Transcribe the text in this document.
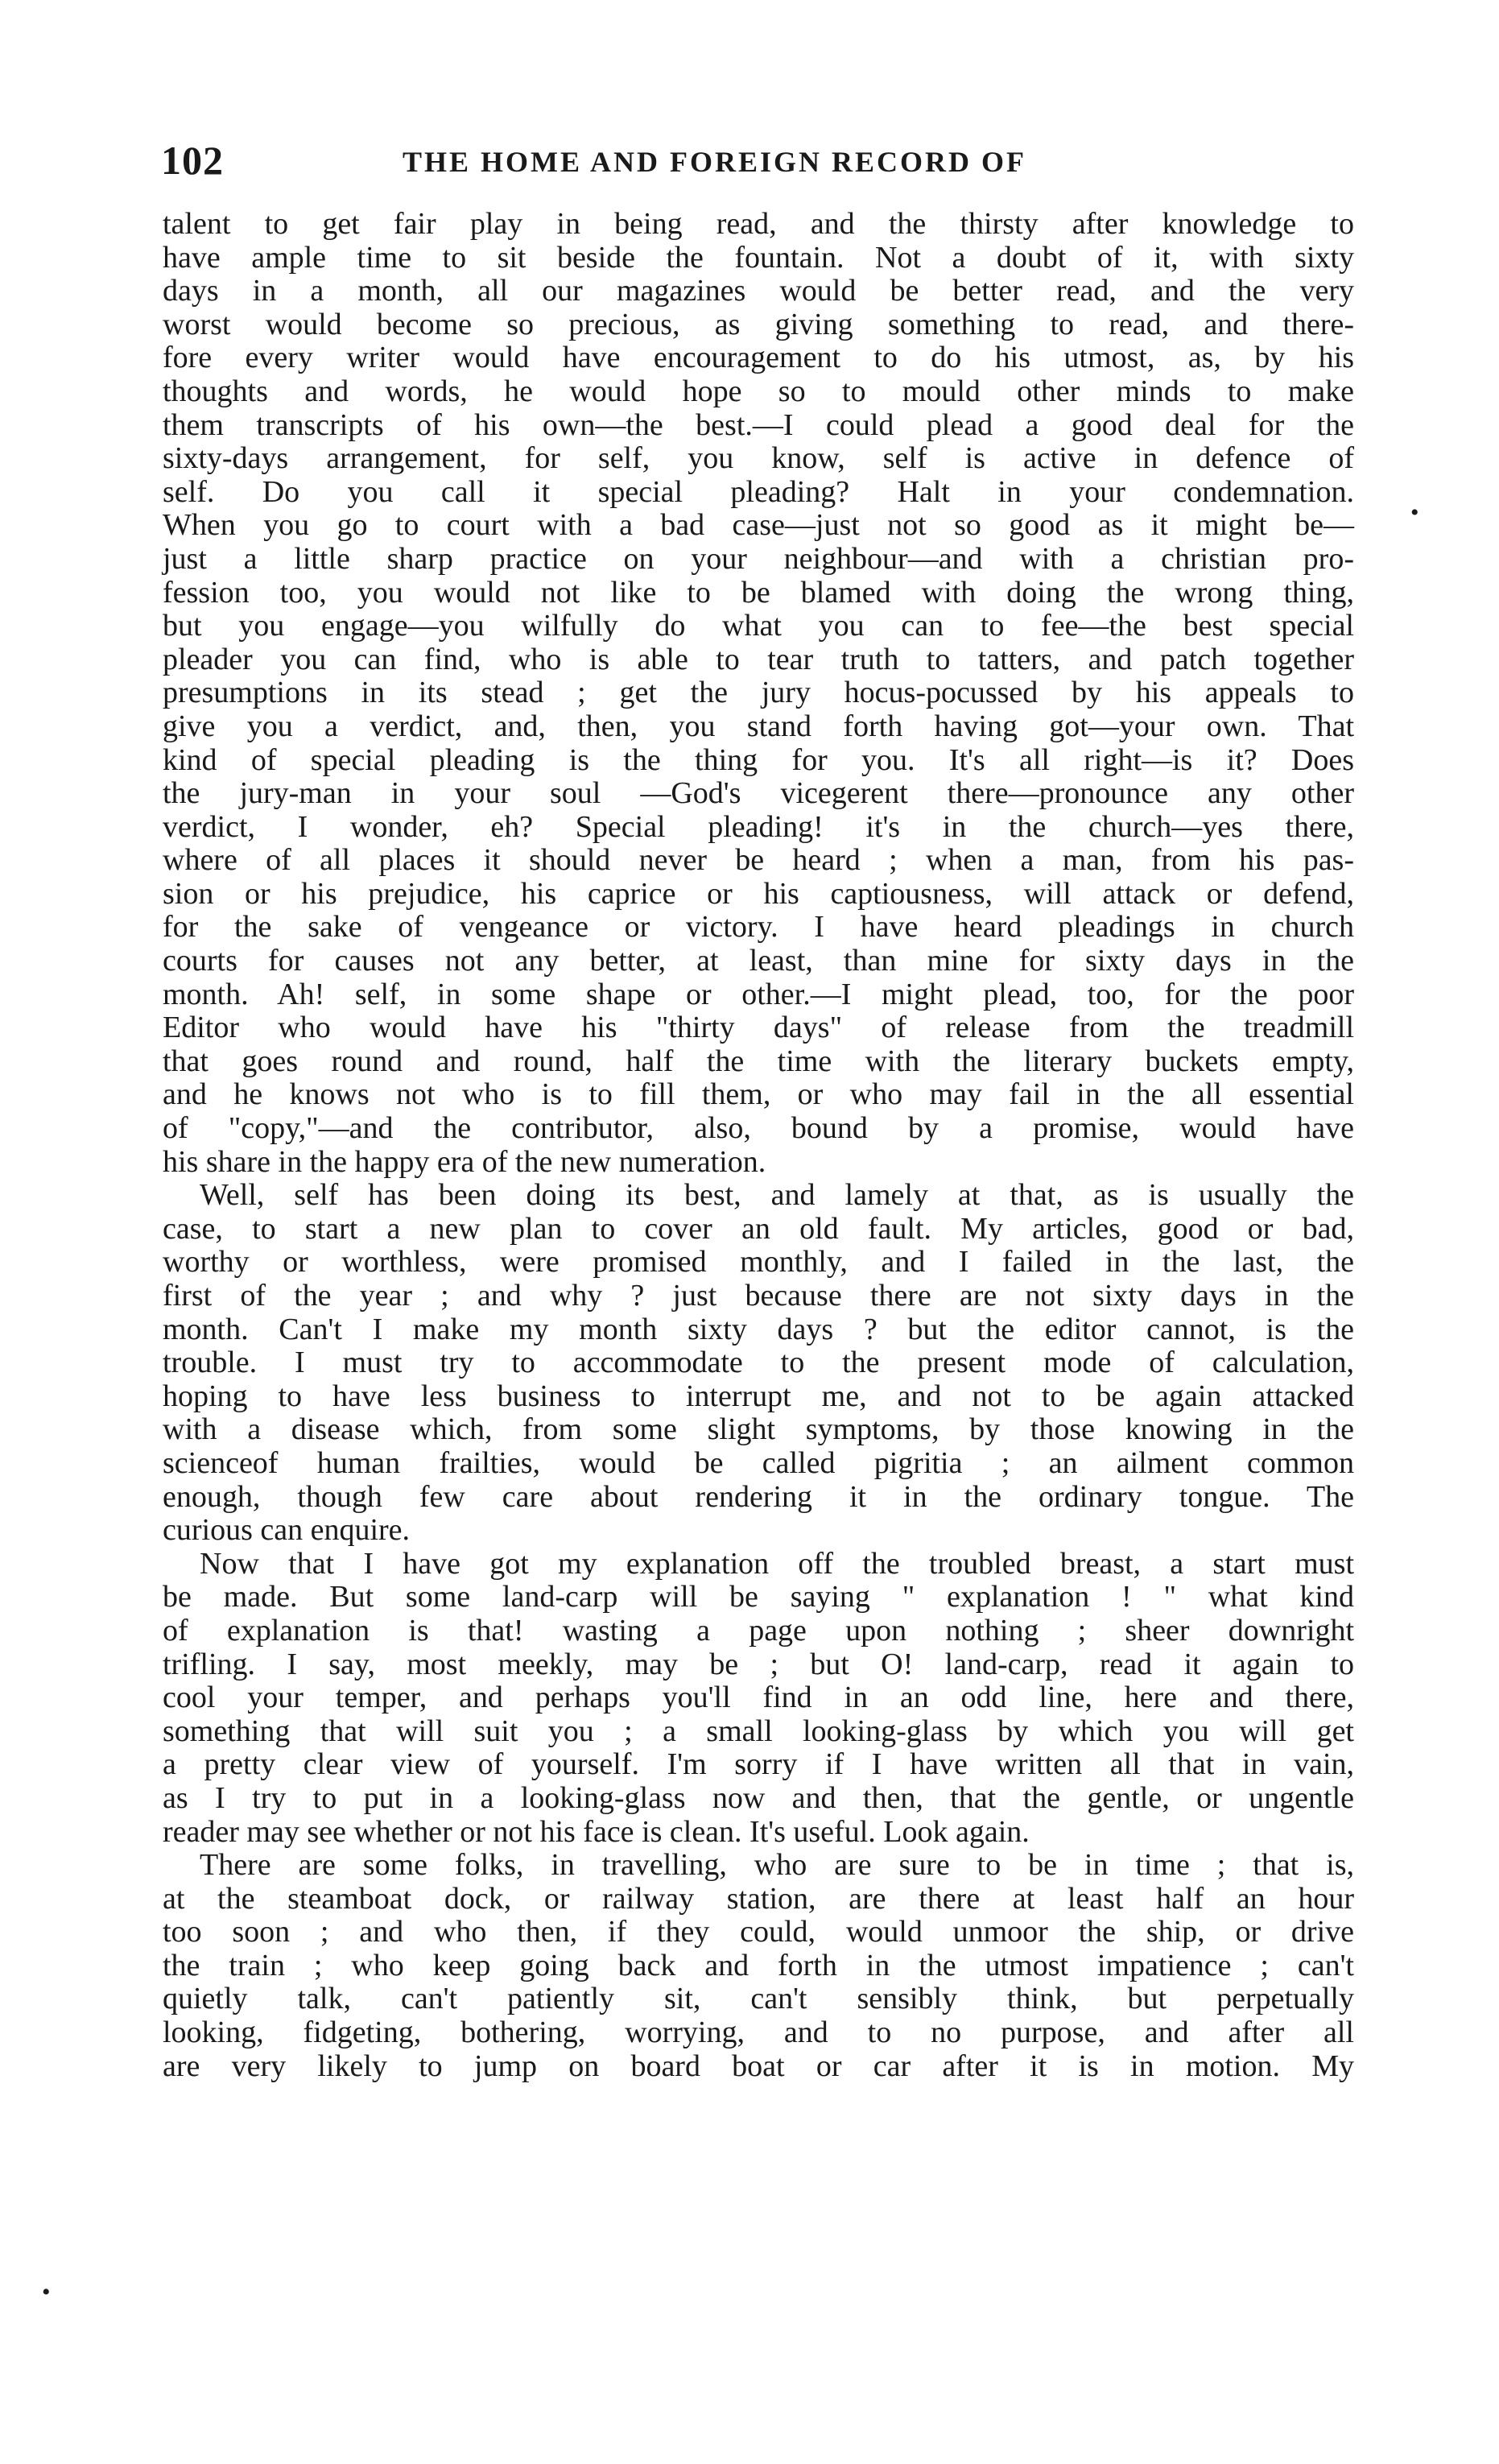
102	THE HOME AND FOREIGN RECORD OF
talent to get fair play in being read, and the thirsty after knowledge to
have ample time to sit beside the fountain. Not a doubt of it, with sixty
days in a month, all our magazines would be better read, and the very
worst would become so precious, as giving something to read, and there-
fore every writer would have encouragement to do his utmost, as, by his
thoughts and words, he would hope so to mould other minds to make
them transcripts of his own—the best.—I could plead a good deal for the
sixty-days arrangement, for self, you know, self is active in defence of
self. Do you call it special pleading? Halt in your condemnation.
When you go to court with a bad case—just not so good as it might be—
just a little sharp practice on your neighbour—and with a christian pro-
fession too, you would not like to be blamed with doing the wrong thing,
but you engage—you wilfully do what you can to fee—the best special
pleader you can find, who is able to tear truth to tatters, and patch together
presumptions in its stead ; get the jury hocus-pocussed by his appeals to
give you a verdict, and, then, you stand forth having got—your own. That
kind of special pleading is the thing for you. It's all right—is it? Does
the jury-man in your soul —God's vicegerent there—pronounce any other
verdict, I wonder, eh? Special pleading! it's in the church—yes there,
where of all places it should never be heard ; when a man, from his pas-
sion or his prejudice, his caprice or his captiousness, will attack or defend,
for the sake of vengeance or victory. I have heard pleadings in church
courts for causes not any better, at least, than mine for sixty days in the
month. Ah! self, in some shape or other.—I might plead, too, for the poor
Editor who would have his "thirty days" of release from the treadmill
that goes round and round, half the time with the literary buckets empty,
and he knows not who is to fill them, or who may fail in the all essential
of "copy,"—and the contributor, also, bound by a promise, would have
his share in the happy era of the new numeration.
Well, self has been doing its best, and lamely at that, as is usually the
case, to start a new plan to cover an old fault. My articles, good or bad,
worthy or worthless, were promised monthly, and I failed in the last, the
first of the year ; and why ? just because there are not sixty days in the
month. Can't I make my month sixty days ? but the editor cannot, is the
trouble. I must try to accommodate to the present mode of calculation,
hoping to have less business to interrupt me, and not to be again attacked
with a disease which, from some slight symptoms, by those knowing in the
scienceof human frailties, would be called pigritia ; an ailment common
enough, though few care about rendering it in the ordinary tongue. The
curious can enquire.
Now that I have got my explanation off the troubled breast, a start must
be made. But some land-carp will be saying " explanation ! " what kind
of explanation is that! wasting a page upon nothing ; sheer downright
trifling. I say, most meekly, may be ; but O! land-carp, read it again to
cool your temper, and perhaps you'll find in an odd line, here and there,
something that will suit you ; a small looking-glass by which you will get
a pretty clear view of yourself. I'm sorry if I have written all that in vain,
as I try to put in a looking-glass now and then, that the gentle, or ungentle
reader may see whether or not his face is clean. It's useful. Look again.
There are some folks, in travelling, who are sure to be in time ; that is,
at the steamboat dock, or railway station, are there at least half an hour
too soon ; and who then, if they could, would unmoor the ship, or drive
the train ; who keep going back and forth in the utmost impatience ; can't
quietly talk, can't patiently sit, can't sensibly think, but perpetually
looking, fidgeting, bothering, worrying, and to no purpose, and after all
are very likely to jump on board boat or car after it is in motion. My
•
•
